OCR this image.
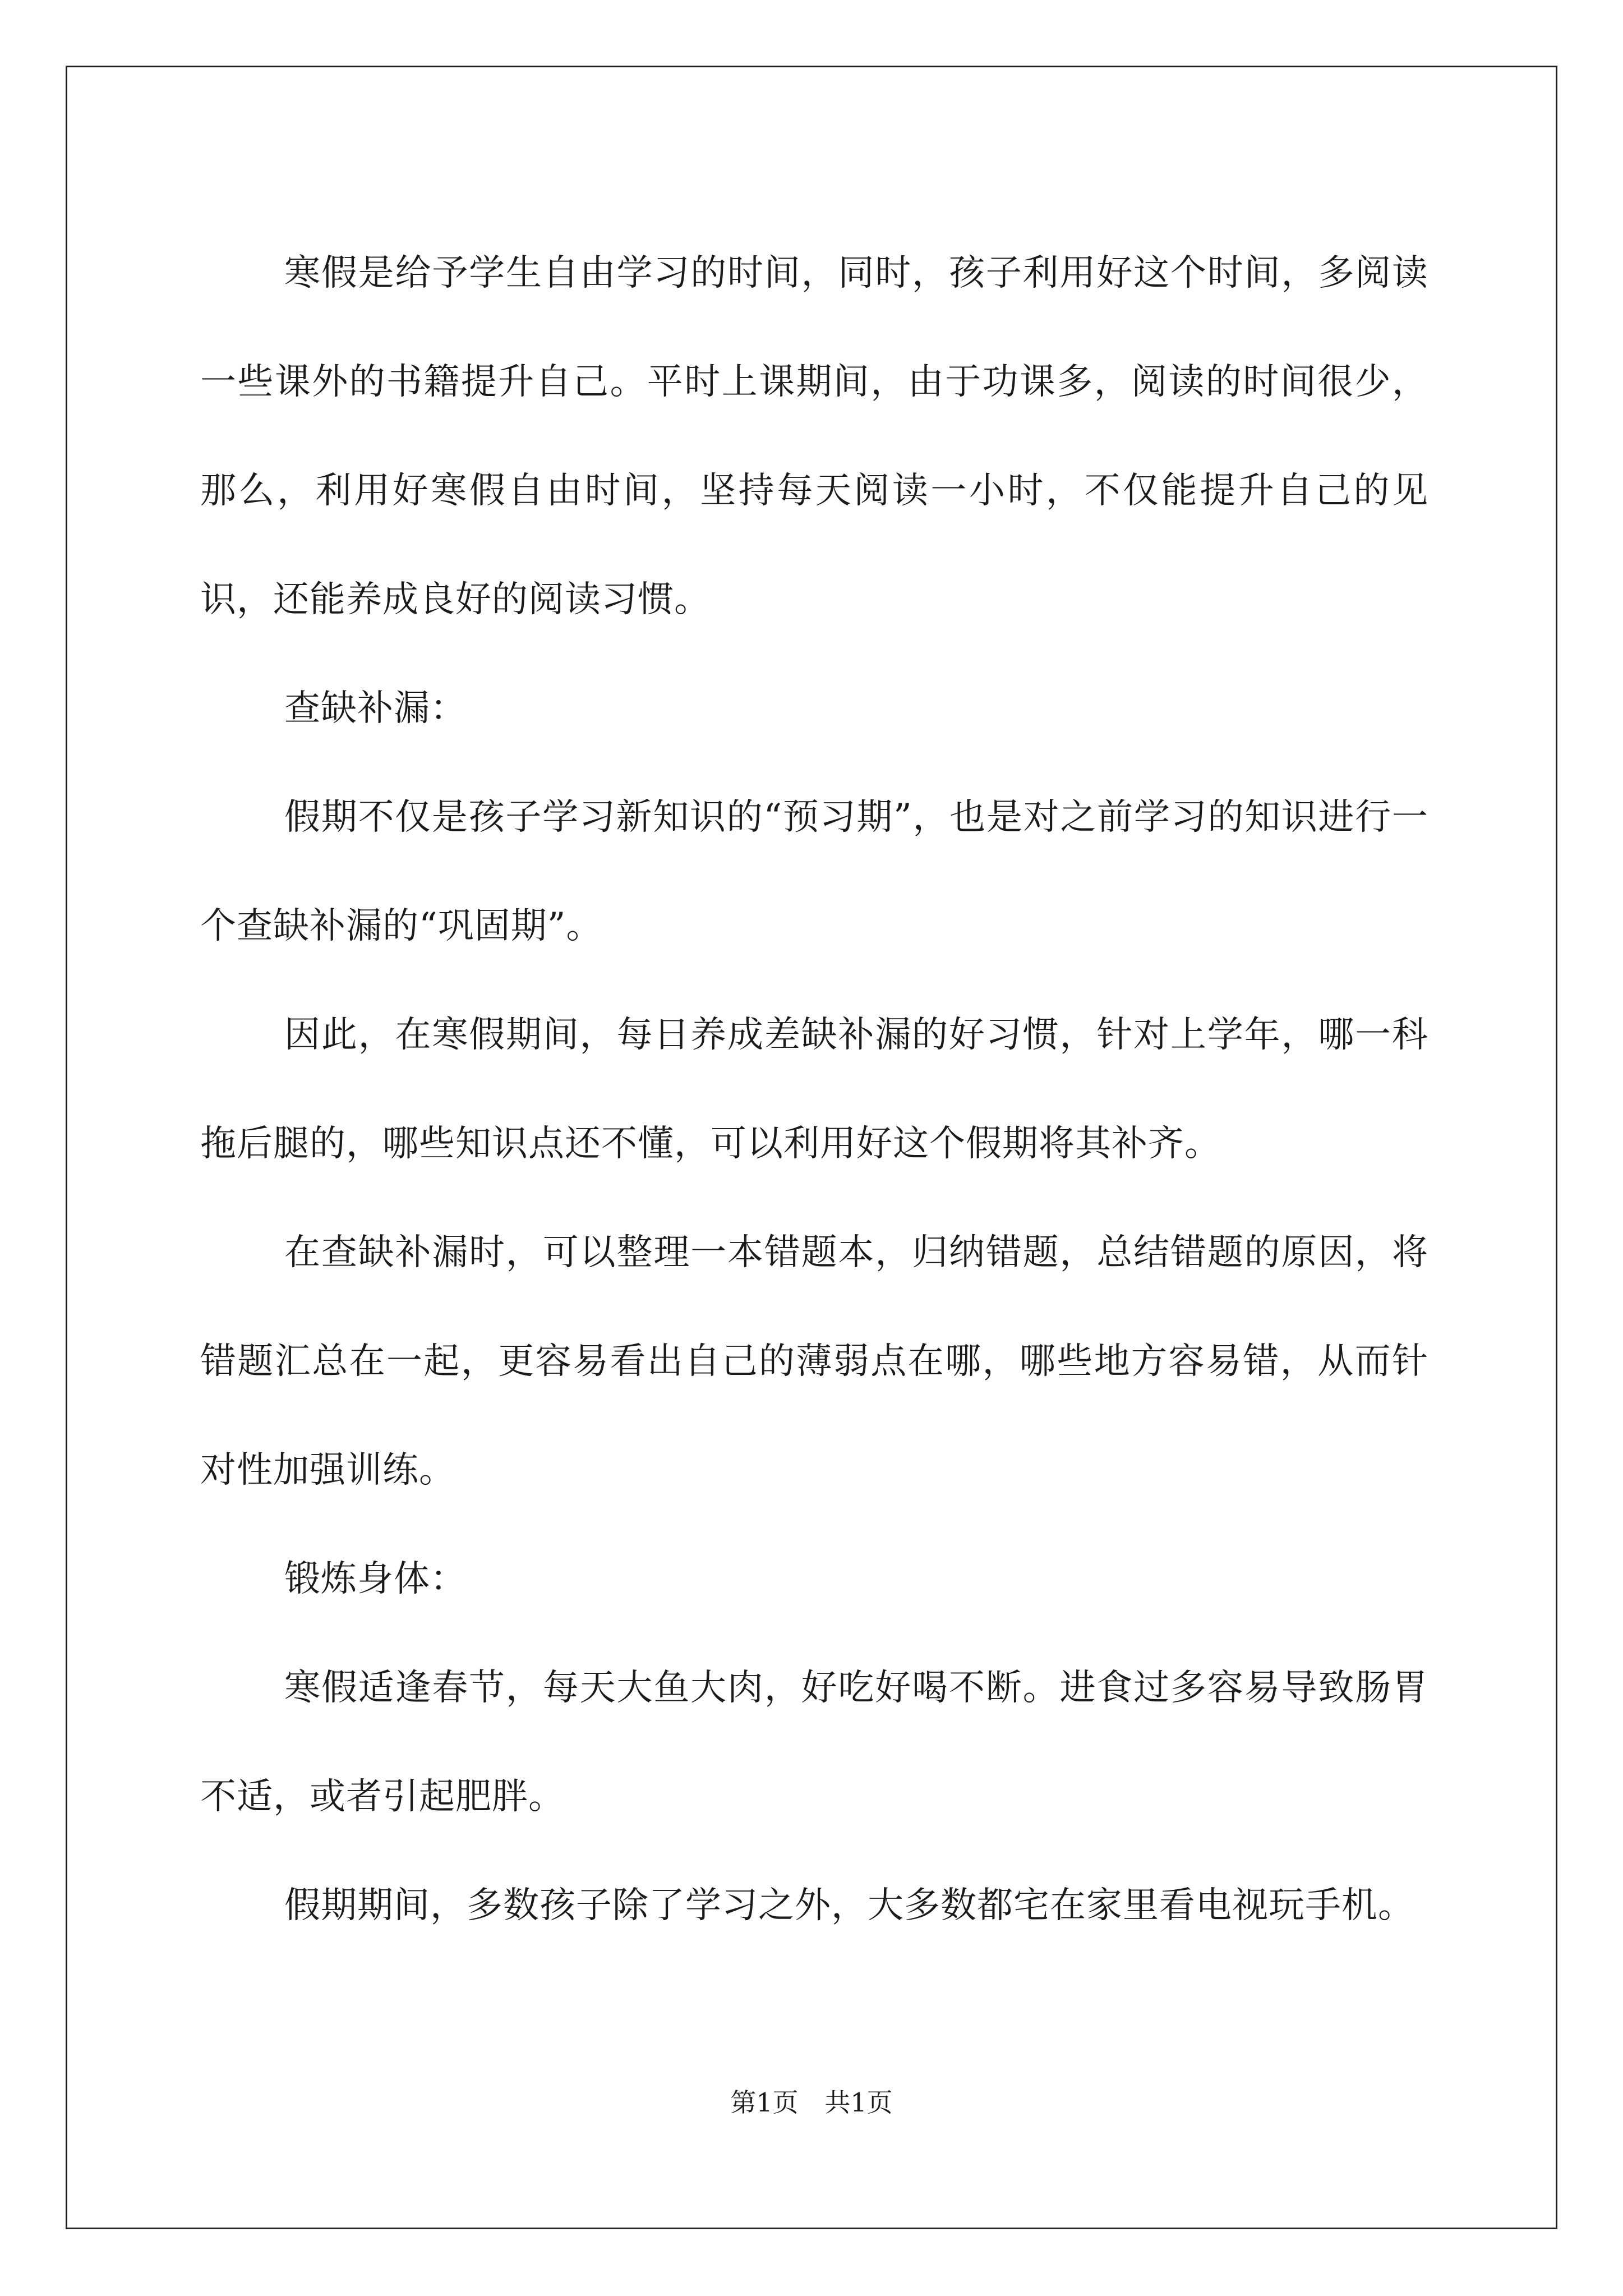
寒假是给予学生自由学习的时间，同时，孩子利用好这个时间，多阅读一些课外的书籍提升自己。平时上课期间，由于功课多，阅读的时间很少，那么，利用好寒假自由时间，坚持每天阅读一小时，不仅能提升自己的见识，还能养成良好的阅读习惯。

查缺补漏：

假期不仅是孩子学习新知识的“预习期”，也是对之前学习的知识进行一个查缺补漏的“巩固期”。

因此，在寒假期间，每日养成差缺补漏的好习惯，针对上学年，哪一科拖后腿的，哪些知识点还不懂，可以利用好这个假期将其补齐。

在查缺补漏时，可以整理一本错题本，归纳错题，总结错题的原因，将错题汇总在一起，更容易看出自己的薄弱点在哪，哪些地方容易错，从而针对性加强训练。

锻炼身体：

寒假适逢春节，每天大鱼大肉，好吃好喝不断。进食过多容易导致肠胃不适，或者引起肥胖。

假期期间，多数孩子除了学习之外，大多数都宅在家里看电视玩手机。

第1页 共1页
